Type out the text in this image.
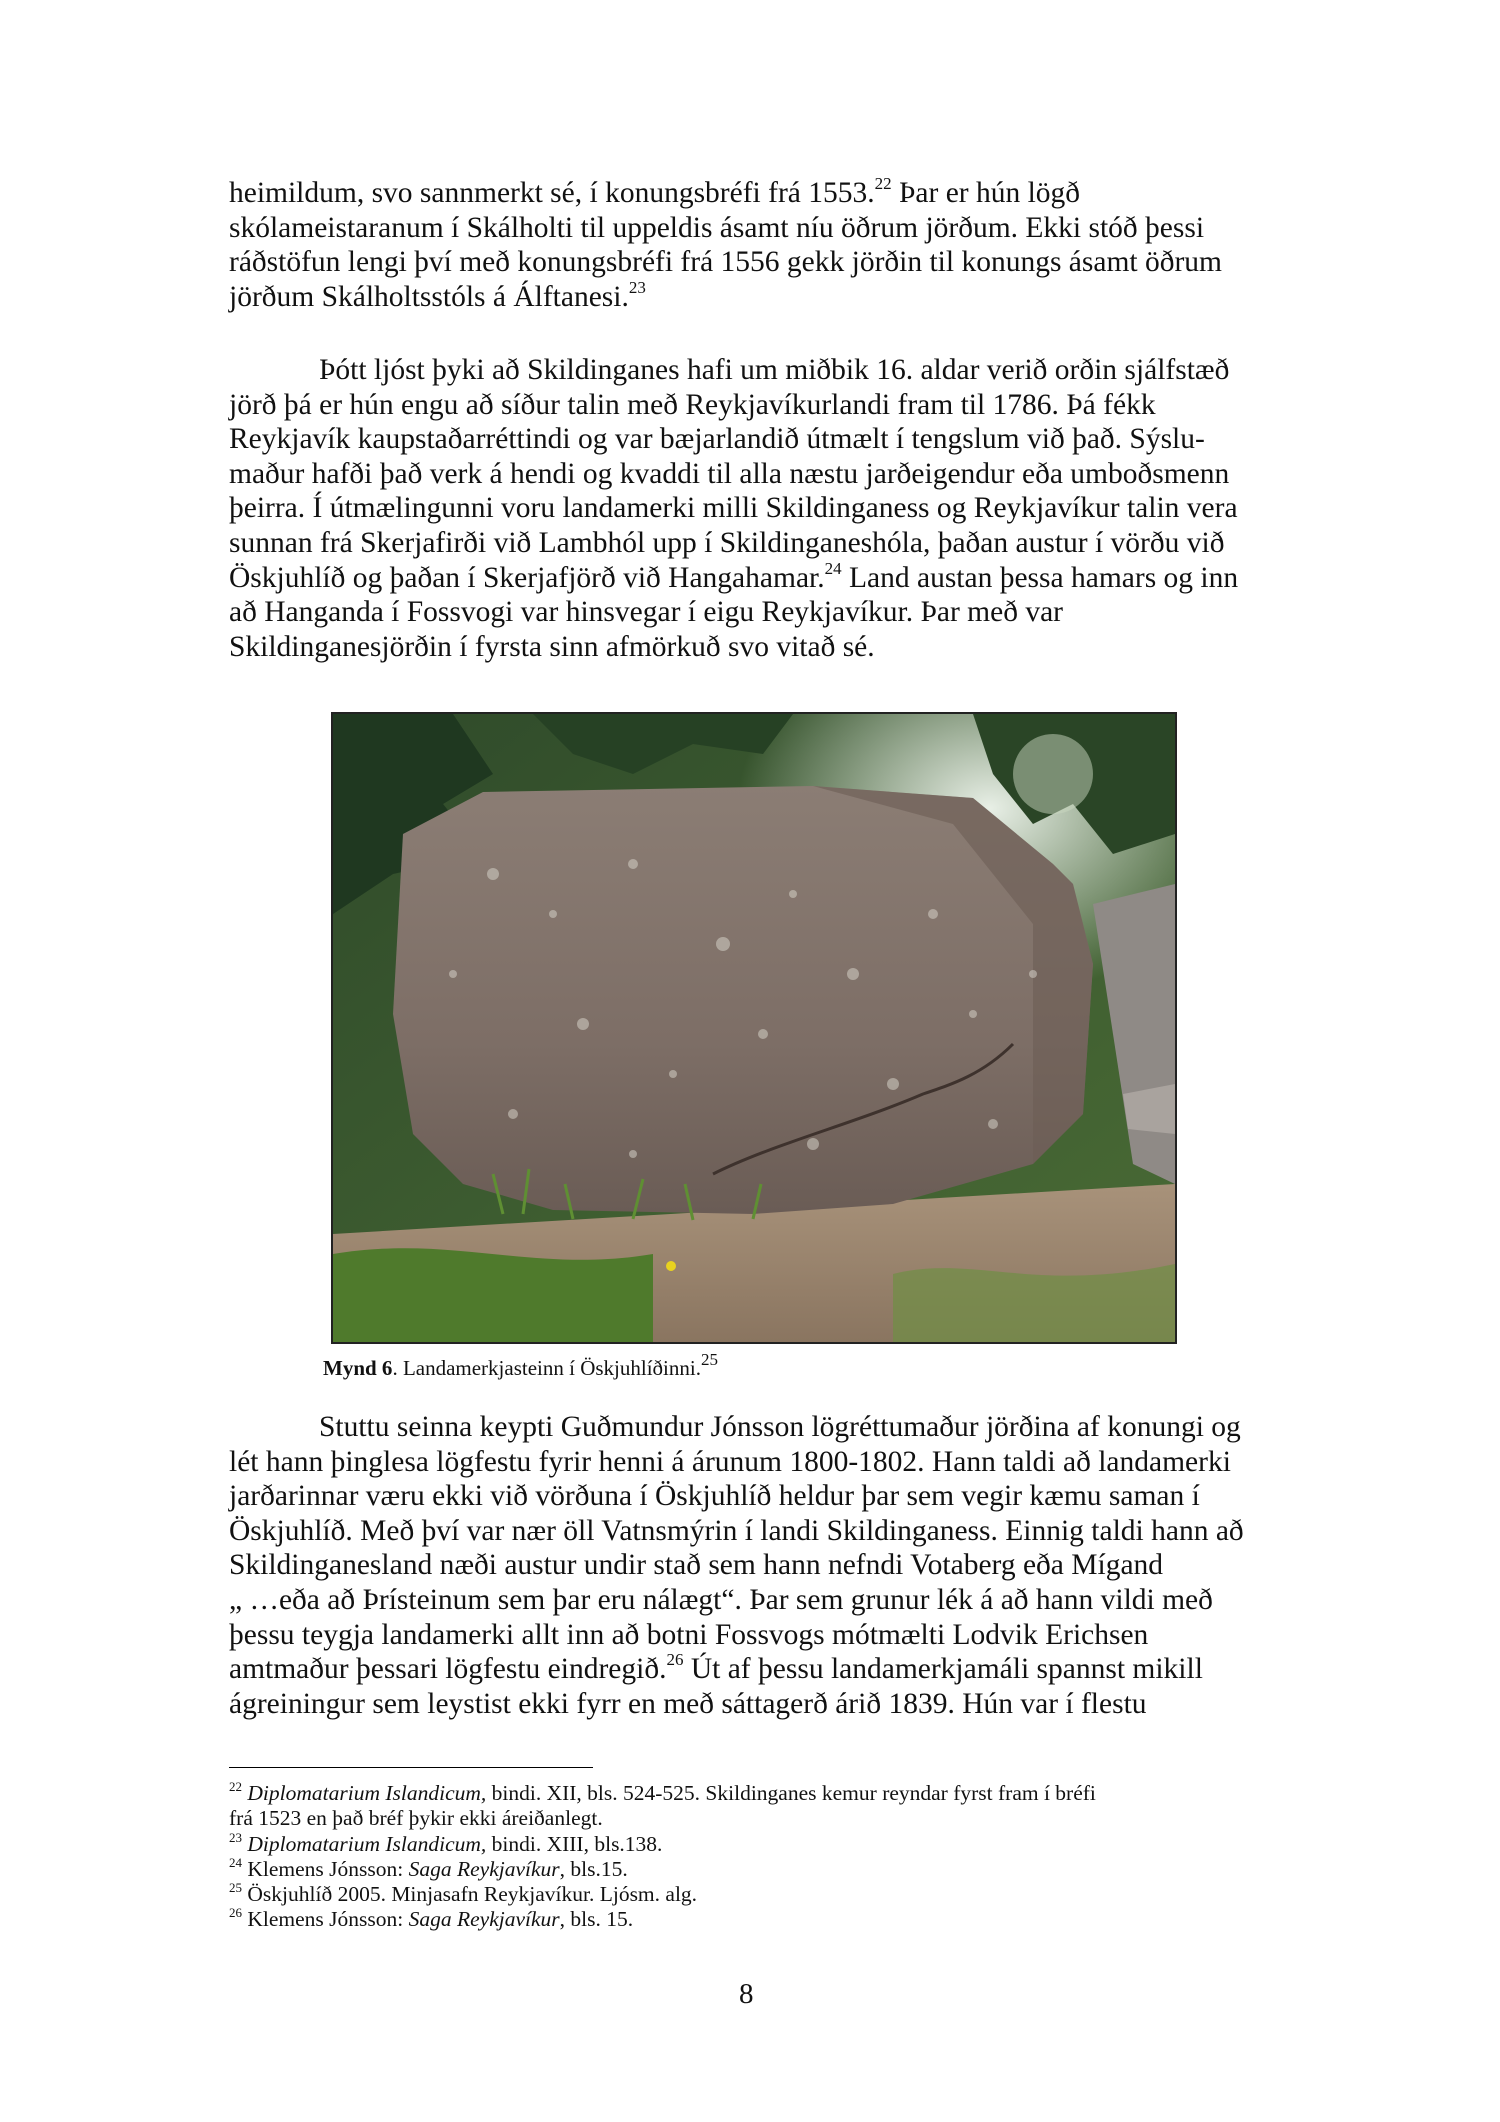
heimildum, svo sannmerkt sé, í konungsbréfi frá 1553.22 Þar er hún lögð
skólameistaranum í Skálholti til uppeldis ásamt níu öðrum jörðum. Ekki stóð þessi
ráðstöfun lengi því með konungsbréfi frá 1556 gekk jörðin til konungs ásamt öðrum
jörðum Skálholtsstóls á Álftanesi.$^{23}$
Þótt ljóst þyki að Skildinganes hafi um miðbik 16. aldar verið orðin sjálfstæð
jörð þá er hún engu að síður talin með Reykjavíkurlandi fram til 1786. Þá fékk
Reykjavík kaupstaðarréttindi og var bæjarlandið útmælt í tengslum við það. Sýslu-
maður hafði það verk á hendi og kvaddi til alla næstu jarðeigendur eða umboðsmenn
þeirra. Í útmælingunni voru landamerki milli Skildinganess og Reykjavíkur talin vera
sunnan frá Skerjafirði við Lambhól upp í Skildinganeshóla, þaðan austur í vörðu við
Öskjuhlíð og þaðan í Skerjafjörð við Hangahamar.$^{24}$ Land austan þessa hamars og inn
að Hanganda í Fossvogi var hinsvegar í eigu Reykjavíkur. Þar með var
Skildinganesjörðin í fyrsta sinn afmörkuð svo vitað sé.
Mynd 6. Landamerkjasteinn í Öskjuhlíðinni.$^{25}$
Stuttu seinna keypti Guðmundur Jónsson lögréttumaður jörðina af konungi og
lét hann þinglesa lögfestu fyrir henni á árunum 1800-1802. Hann taldi að landamerki
jarðarinnar væru ekki við vörðuna í Öskjuhlíð heldur þar sem vegir kæmu saman í
Öskjuhlíð. Með því var nær öll Vatnsmýrin í landi Skildinganess. Einnig taldi hann að
Skildinganesland næði austur undir stað sem hann nefndi Votaberg eða Mígand
„ …eða að Þrísteinum sem þar eru nálægt“. Þar sem grunur lék á að hann vildi með
þessu teygja landamerki allt inn að botni Fossvogs mótmælti Lodvik Erichsen
amtmaður þessari lögfestu eindregið.$^{26}$ Út af þessu landamerkjamáli spannst mikill
ágreiningur sem leystist ekki fyrr en með sáttagerð árið 1839. Hún var í flestu
$^{22}$ Diplomatarium Islandicum, bindi. XII, bls. 524-525. Skildinganes kemur reyndar fyrst fram í bréfi
frá 1523 en það bréf þykir ekki áreiðanlegt.
$^{23}$ Diplomatarium Islandicum, bindi. XIII, bls.138.
$^{24}$ Klemens Jónsson: Saga Reykjavíkur, bls.15.
$^{25}$ Öskjuhlíð 2005. Minjasafn Reykjavíkur. Ljósm. alg.
$^{26}$ Klemens Jónsson: Saga Reykjavíkur, bls. 15.
8
